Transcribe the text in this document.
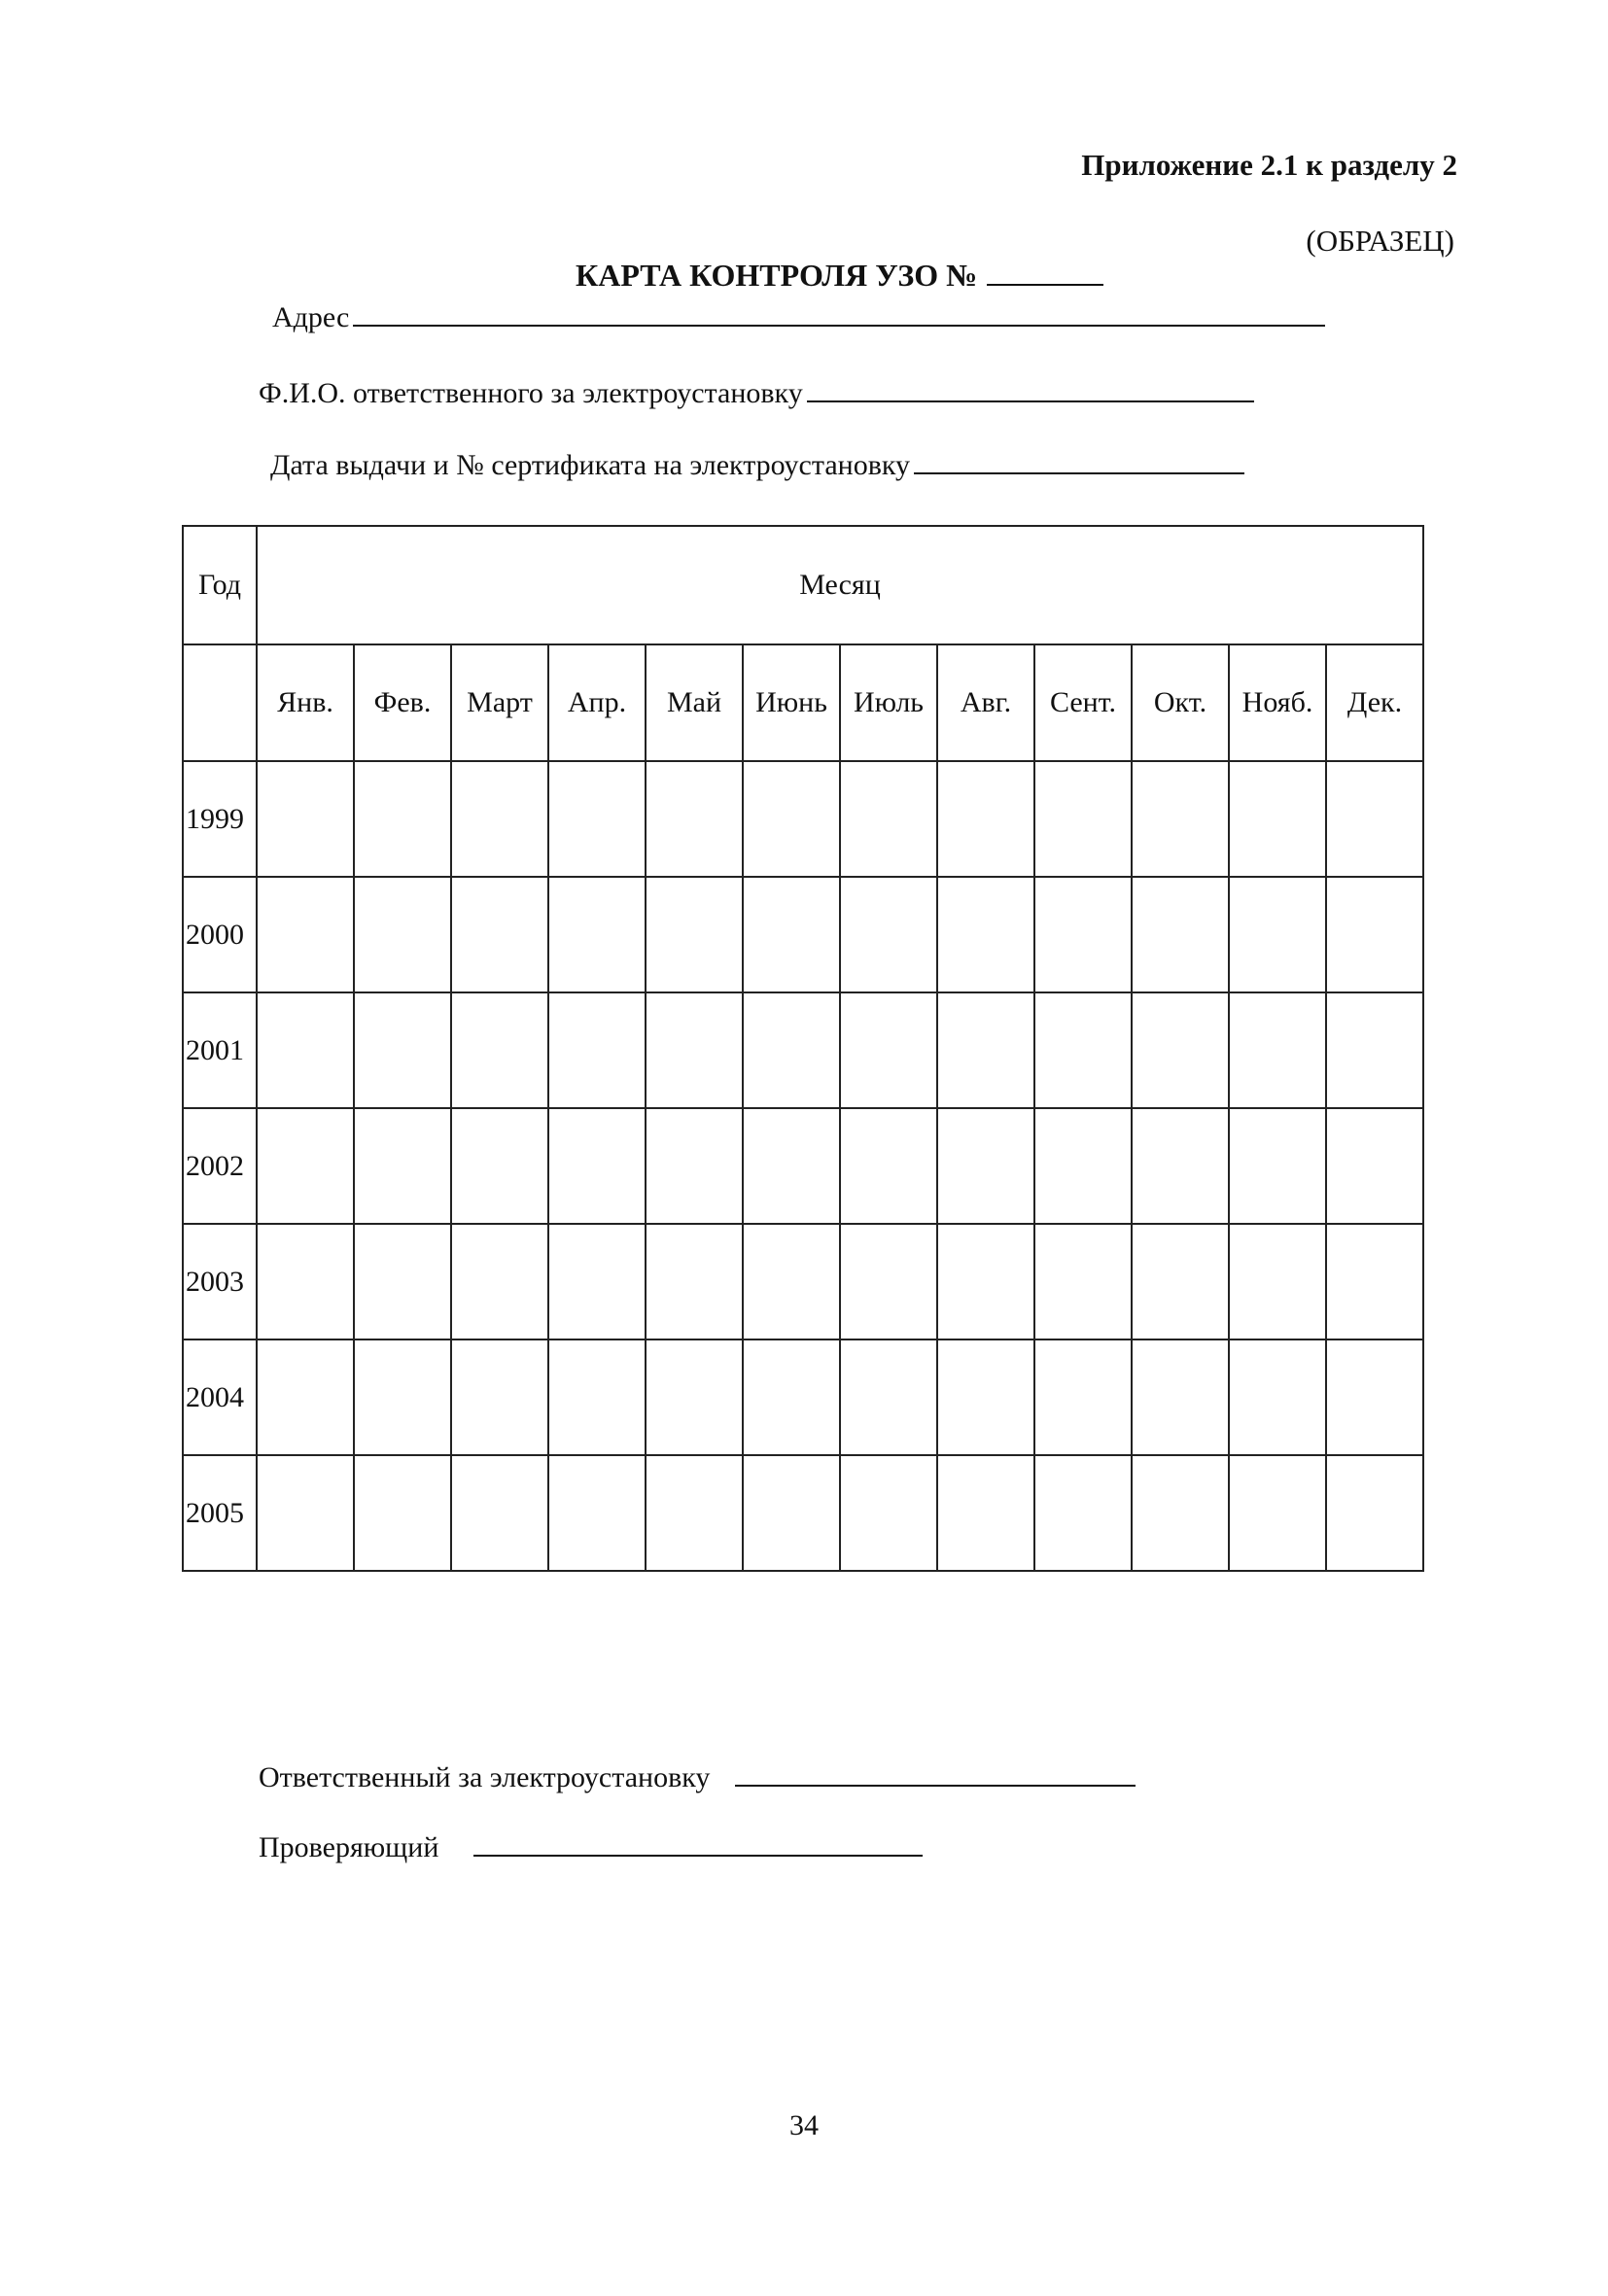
Приложение 2.1 к разделу 2
(ОБРАЗЕЦ)
КАРТА КОНТРОЛЯ УЗО №
Адрес
Ф.И.О. ответственного за электроустановку
Дата выдачи и № сертификата на электроустановку
Год	Месяц											
	Янв.	Фев.	Март	Апр.	Май	Июнь	Июль	Авг.	Сент.	Окт.	Нояб.	Дек.
1999												
2000												
2001												
2002												
2003												
2004												
2005												
Ответственный за электроустановку
Проверяющий
34
